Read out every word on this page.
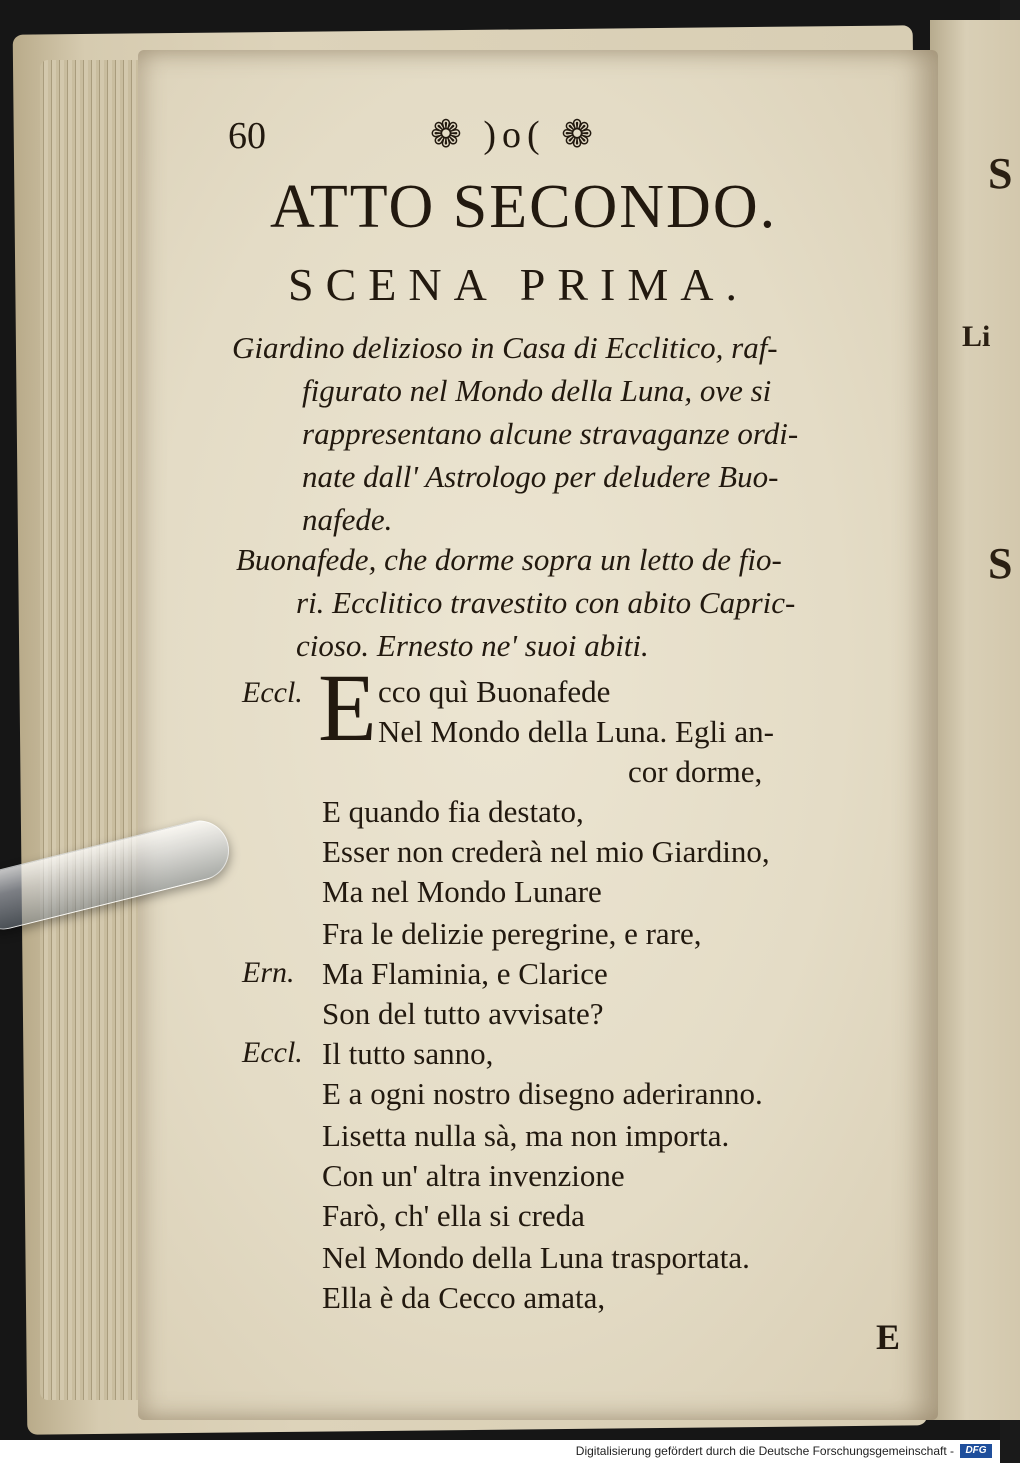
S
Li
S
60	❁ )o( ❁
ATTO SECONDO.
SCENA PRIMA.
Giardino delizioso in Casa di Ecclitico, raf-
figurato nel Mondo della Luna, ove si
rappresentano alcune stravaganze ordi-
nate dall' Astrologo per deludere Buo-
nafede.
Buonafede, che dorme sopra un letto de fio-
ri. Ecclitico travestito con abito Capric-
cioso. Ernesto ne' suoi abiti.
Eccl. E cco quì Buonafede
Nel Mondo della Luna. Egli an-
cor dorme,
E quando fia destato,
Esser non crederà nel mio Giardino,
Ma nel Mondo Lunare
Fra le delizie peregrine, e rare,
Ern. Ma Flaminia, e Clarice
Son del tutto avvisate?
Eccl. Il tutto sanno,
E a ogni nostro disegno aderiranno.
Lisetta nulla sà, ma non importa.
Con un' altra invenzione
Farò, ch' ella si creda
Nel Mondo della Luna trasportata.
Ella è da Cecco amata,
E
Digitalisierung gefördert durch die Deutsche Forschungsgemeinschaft -	DFG
